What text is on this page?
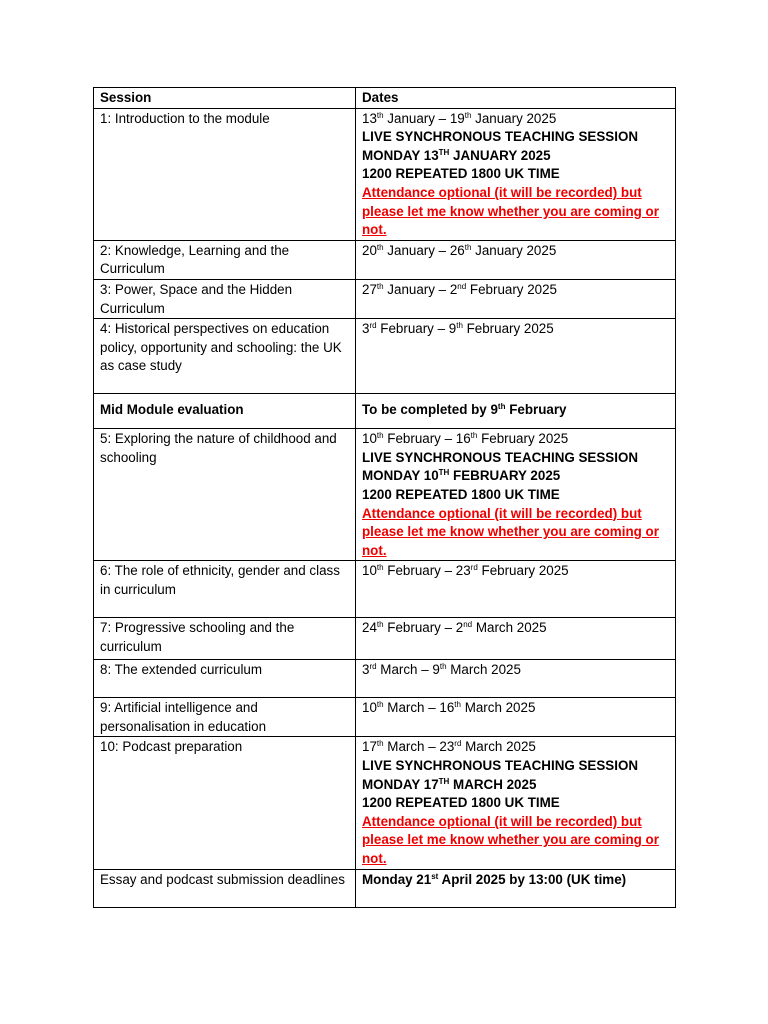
Session	Dates
1: Introduction to the module	13th January – 19th January 2025
LIVE SYNCHRONOUS TEACHING SESSION
MONDAY 13TH JANUARY 2025
1200 REPEATED 1800 UK TIME
Attendance optional (it will be recorded) but please let me know whether you are coming or not.

2: Knowledge, Learning and the Curriculum	20th January – 26th January 2025
3: Power, Space and the Hidden Curriculum	27th January – 2nd February 2025
4: Historical perspectives on education policy, opportunity and schooling: the UK as case study	3rd February – 9th February 2025

Mid Module evaluation	To be completed by 9th February

5: Exploring the nature of childhood and schooling	10th February – 16th February 2025
LIVE SYNCHRONOUS TEACHING SESSION
MONDAY 10TH FEBRUARY 2025
1200 REPEATED 1800 UK TIME
Attendance optional (it will be recorded) but please let me know whether you are coming or not.

6: The role of ethnicity, gender and class in curriculum	10th February – 23rd February 2025
7: Progressive schooling and the curriculum	24th February – 2nd March 2025
8: The extended curriculum	3rd March – 9th March 2025
9: Artificial intelligence and personalisation in education	10th March – 16th March 2025
10: Podcast preparation	17th March – 23rd March 2025
LIVE SYNCHRONOUS TEACHING SESSION
MONDAY 17TH MARCH 2025
1200 REPEATED 1800 UK TIME
Attendance optional (it will be recorded) but please let me know whether you are coming or not.

Essay and podcast submission deadlines	Monday 21st April 2025 by 13:00 (UK time)
